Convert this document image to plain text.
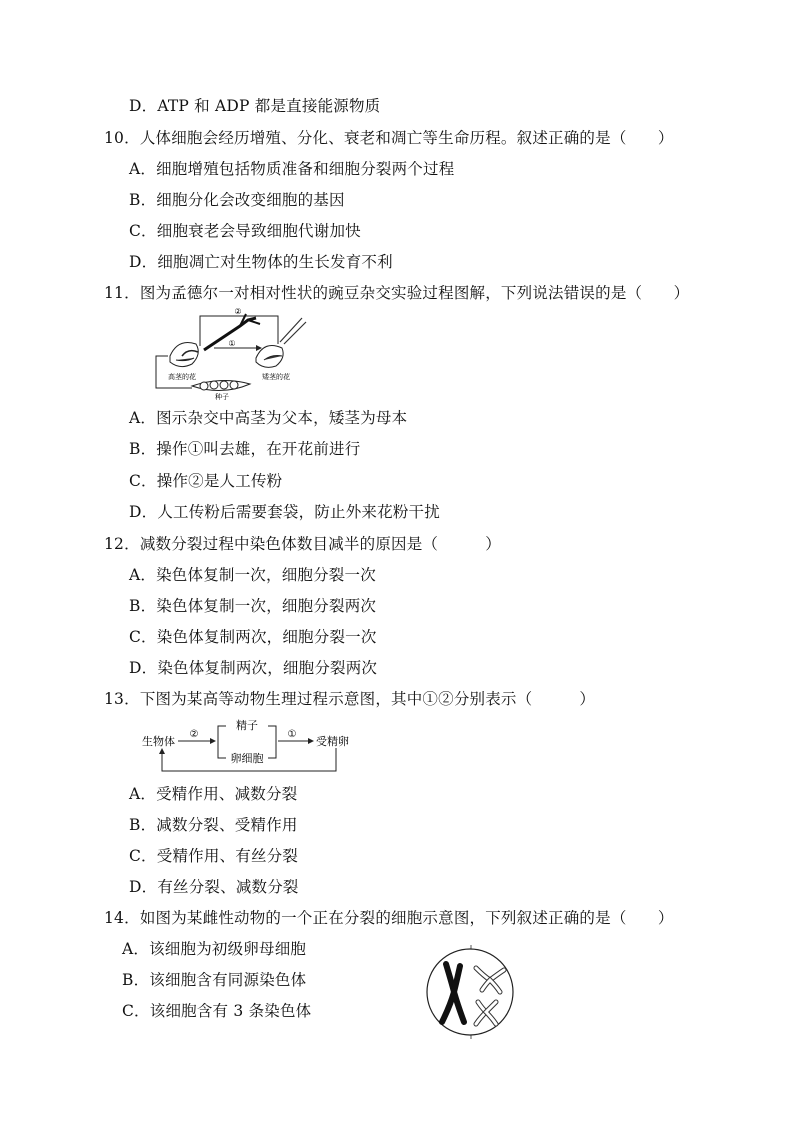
D．ATP 和 ADP 都是直接能源物质
10．人体细胞会经历增殖、分化、衰老和凋亡等生命历程。叙述正确的是（　　）
A．细胞增殖包括物质准备和细胞分裂两个过程
B．细胞分化会改变细胞的基因
C．细胞衰老会导致细胞代谢加快
D．细胞凋亡对生物体的生长发育不利
11．图为孟德尔一对相对性状的豌豆杂交实验过程图解，下列说法错误的是（　　）
②
①
高茎的花	矮茎的花
种子
A．图示杂交中高茎为父本，矮茎为母本
B．操作①叫去雄，在开花前进行
C．操作②是人工传粉
D．人工传粉后需要套袋，防止外来花粉干扰
12．减数分裂过程中染色体数目减半的原因是（　　　）
A．染色体复制一次，细胞分裂一次
B．染色体复制一次，细胞分裂两次
C．染色体复制两次，细胞分裂一次
D．染色体复制两次，细胞分裂两次
13．下图为某高等动物生理过程示意图，其中①②分别表示（　　　）
生物体
②
精子
卵细胞
①
受精卵
A．受精作用、减数分裂
B．减数分裂、受精作用
C．受精作用、有丝分裂
D．有丝分裂、减数分裂
14．如图为某雌性动物的一个正在分裂的细胞示意图，下列叙述正确的是（　　）
A．该细胞为初级卵母细胞
B．该细胞含有同源染色体
C．该细胞含有 3 条染色体
